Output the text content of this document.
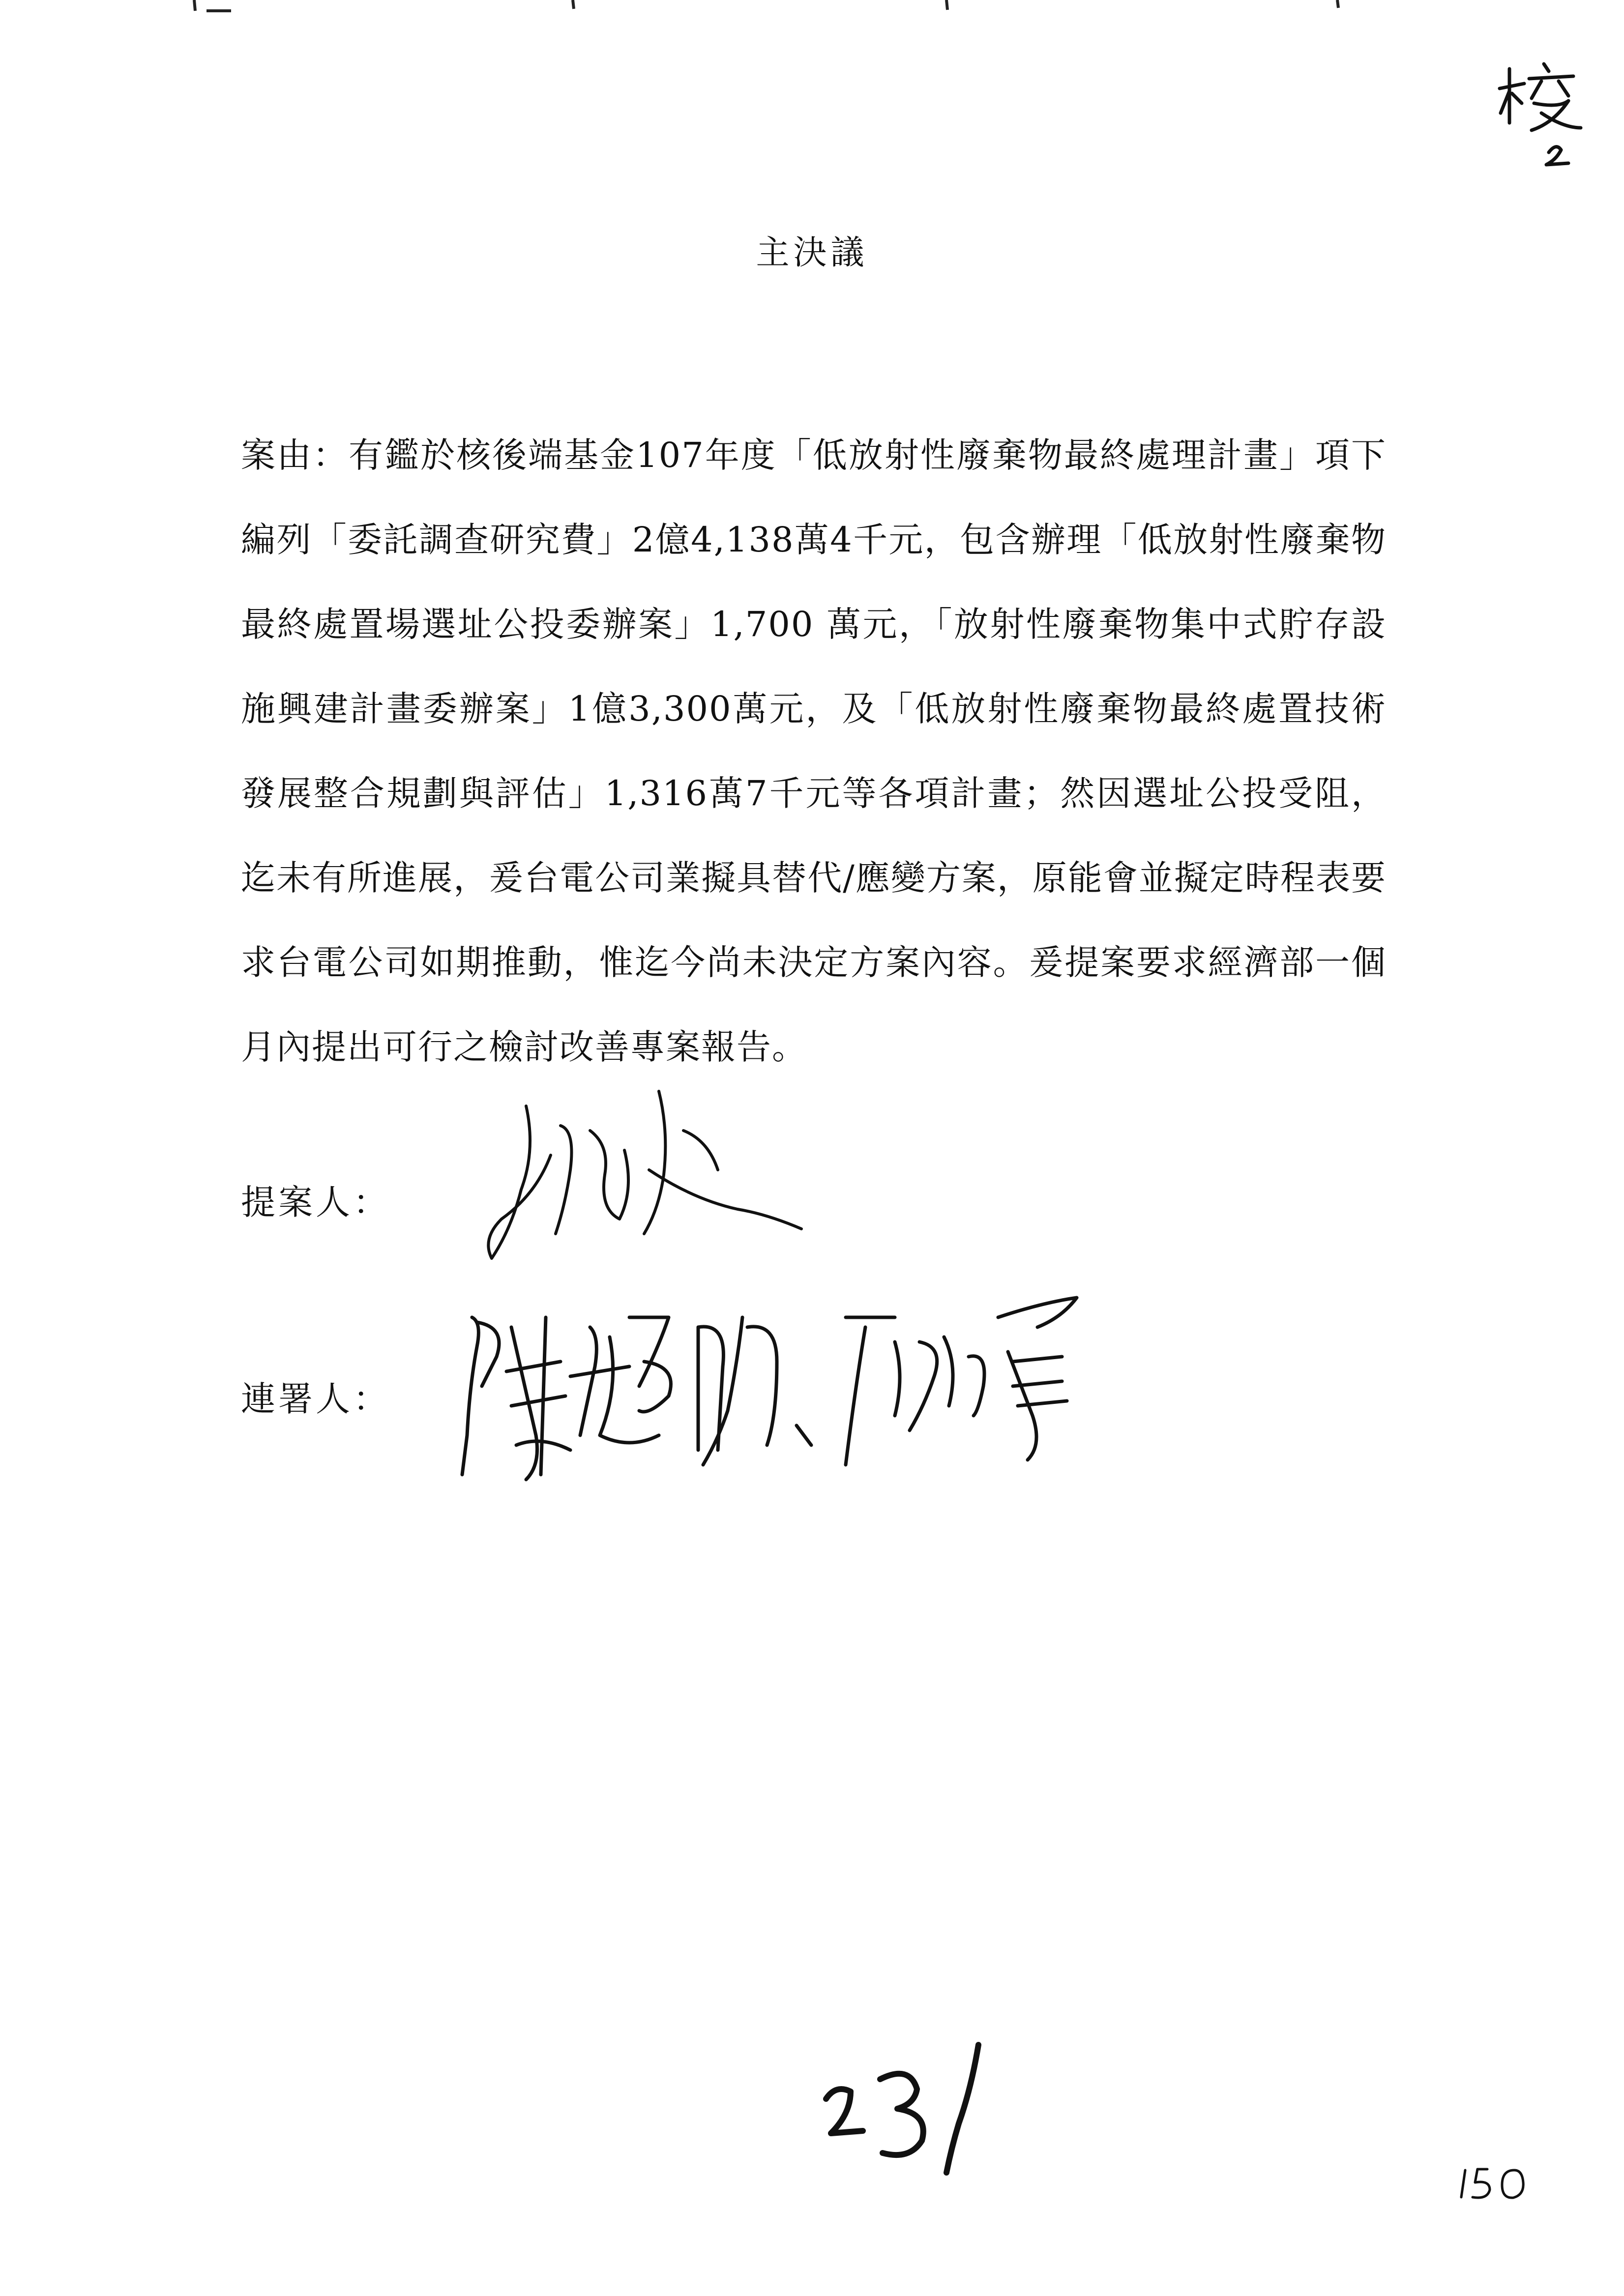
主決議

案由：有鑑於核後端基金107年度「低放射性廢棄物最終處理計畫」項下編列「委託調查研究費」2億4,138萬4千元，包含辦理「低放射性廢棄物最終處置場選址公投委辦案」1,700 萬元，「放射性廢棄物集中式貯存設施興建計畫委辦案」1億3,300萬元，及「低放射性廢棄物最終處置技術發展整合規劃與評估」1,316萬7千元等各項計畫；然因選址公投受阻，迄未有所進展，爰台電公司業擬具替代/應變方案，原能會並擬定時程表要求台電公司如期推動，惟迄今尚未決定方案內容。爰提案要求經濟部一個月內提出可行之檢討改善專案報告。

提案人：
連署人：
